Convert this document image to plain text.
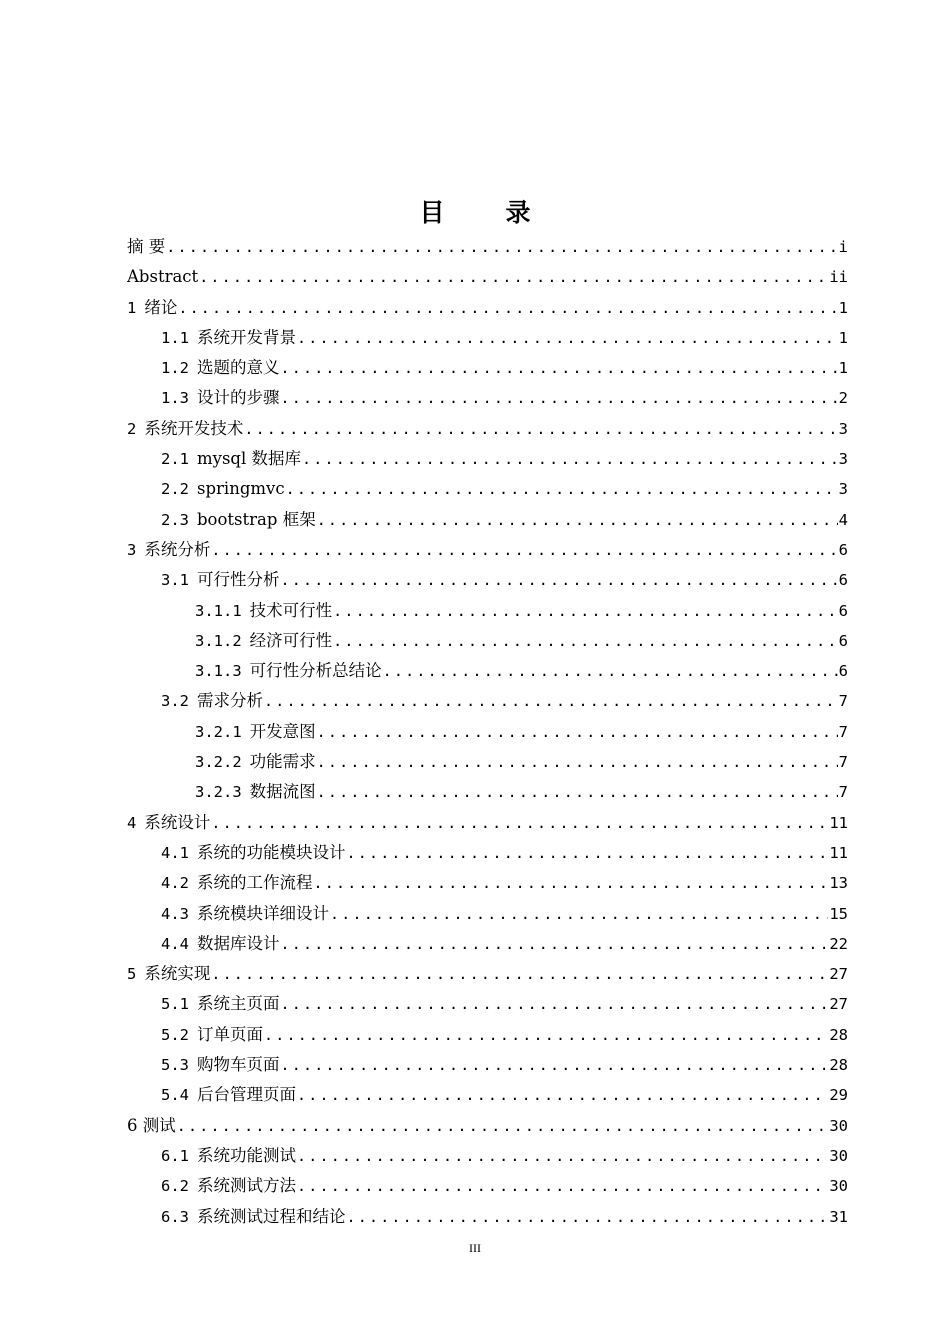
目　录
摘 要 .....	i
Abstract .....	ii
1 绪论 .....	1
1.1 系统开发背景 .....	1
1.2 选题的意义 .....	1
1.3 设计的步骤 .....	2
2 系统开发技术 .....	3
2.1 mysql 数据库 .....	3
2.2 springmvc .....	3
2.3 bootstrap 框架 .....	4
3 系统分析 .....	6
3.1 可行性分析 .....	6
3.1.1 技术可行性 .....	6
3.1.2 经济可行性 .....	6
3.1.3 可行性分析总结论 .....	6
3.2 需求分析 .....	7
3.2.1 开发意图 .....	7
3.2.2 功能需求 .....	7
3.2.3 数据流图 .....	7
4 系统设计 .....	11
4.1 系统的功能模块设计 .....	11
4.2 系统的工作流程 .....	13
4.3 系统模块详细设计 .....	15
4.4 数据库设计 .....	22
5 系统实现 .....	27
5.1 系统主页面 .....	27
5.2 订单页面 .....	28
5.3 购物车页面 .....	28
5.4 后台管理页面 .....	29
6 测试 .....	30
6.1 系统功能测试 .....	30
6.2 系统测试方法 .....	30
6.3 系统测试过程和结论 .....	31
III
